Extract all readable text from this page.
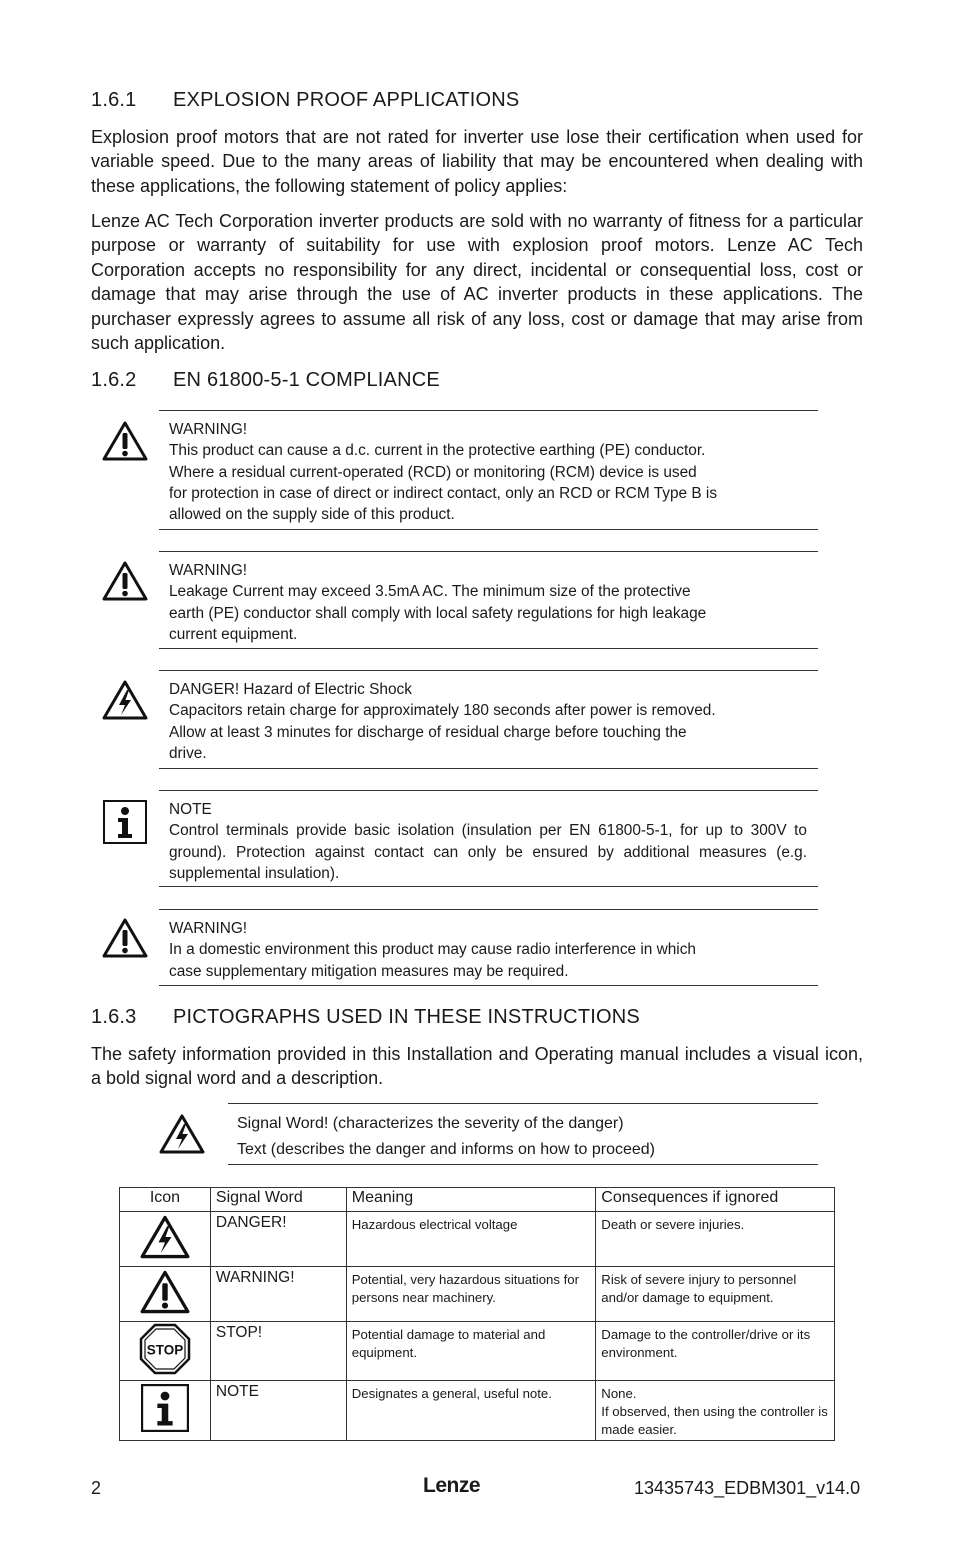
1.6.1 EXPLOSION PROOF APPLICATIONS

Explosion proof motors that are not rated for inverter use lose their certification when used for variable speed. Due to the many areas of liability that may be encountered when dealing with these applications, the following statement of policy applies:

Lenze AC Tech Corporation inverter products are sold with no warranty of fitness for a particular purpose or warranty of suitability for use with explosion proof motors. Lenze AC Tech Corporation accepts no responsibility for any direct, incidental or consequential loss, cost or damage that may arise through the use of AC inverter products in these applications. The purchaser expressly agrees to assume all risk of any loss, cost or damage that may arise from such application.

1.6.2 EN 61800-5-1 COMPLIANCE
WARNING!
This product can cause a d.c. current in the protective earthing (PE) conductor.
Where a residual current-operated (RCD) or monitoring (RCM) device is used
for protection in case of direct or indirect contact, only an RCD or RCM Type B is
allowed on the supply side of this product.
WARNING!
Leakage Current may exceed 3.5mA AC. The minimum size of the protective
earth (PE) conductor shall comply with local safety regulations for high leakage
current equipment.
DANGER! Hazard of Electric Shock
Capacitors retain charge for approximately 180 seconds after power is removed.
Allow at least 3 minutes for discharge of residual charge before touching the
drive.
NOTE
Control terminals provide basic isolation (insulation per EN 61800-5-1, for up to 300V to ground). Protection against contact can only be ensured by additional measures (e.g. supplemental insulation).
WARNING!
In a domestic environment this product may cause radio interference in which
case supplementary mitigation measures may be required.
1.6.3 PICTOGRAPHS USED IN THESE INSTRUCTIONS

The safety information provided in this Installation and Operating manual includes a visual icon, a bold signal word and a description.

Signal Word! (characterizes the severity of the danger)
Text (describes the danger and informs on how to proceed)
Icon	Signal Word	Meaning	Consequences if ignored
	DANGER!	Hazardous electrical voltage	Death or severe injuries.
	WARNING!	Potential, very hazardous situations for persons near machinery.	Risk of severe injury to personnel and/or damage to equipment.

STOP	STOP!	Potential damage to material and equipment.	Damage to the controller/drive or its environment.
	NOTE	Designates a general, useful note.	None.
If observed, then using the controller is made easier.
2	Lenze	13435743_EDBM301_v14.0
